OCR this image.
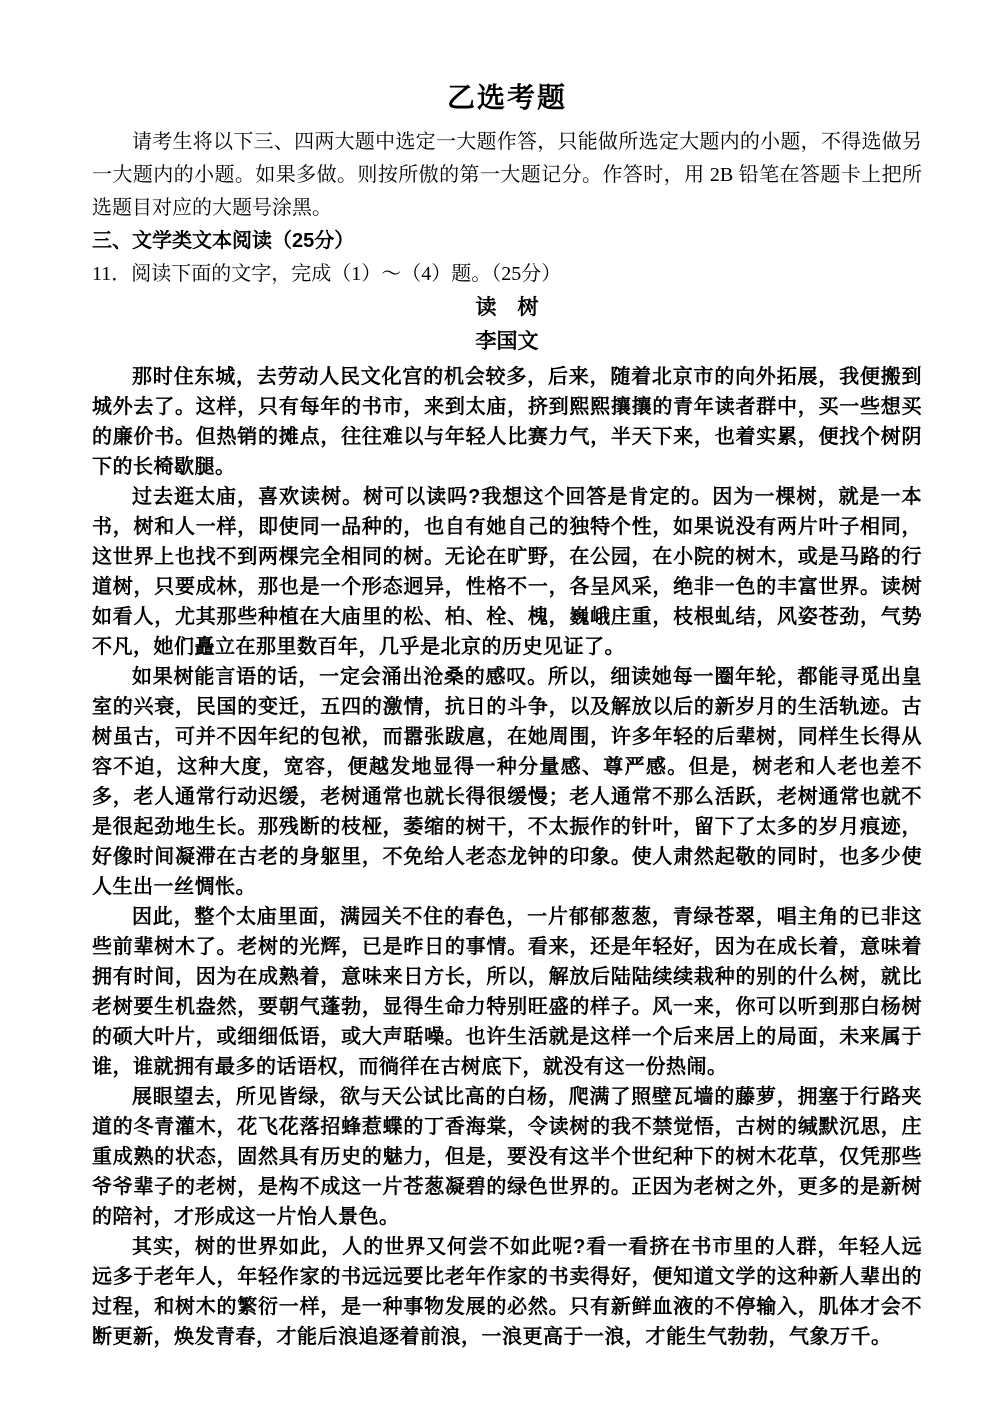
乙选考题

请考生将以下三、四两大题中选定一大题作答，只能做所选定大题内的小题，不得选做另一大题内的小题。如果多做。则按所傲的第一大题记分。作答时，用 2B 铅笔在答题卡上把所选题目对应的大题号涂黑。

三、文学类文本阅读（25分）

11．阅读下面的文字，完成（1）～（4）题。（25分）

读　树
李国文

那时住东城，去劳动人民文化宫的机会较多，后来，随着北京市的向外拓展，我便搬到城外去了。这样，只有每年的书市，来到太庙，挤到熙熙攘攘的青年读者群中，买一些想买的廉价书。但热销的摊点，往往难以与年轻人比赛力气，半天下来，也着实累，便找个树阴下的长椅歇腿。

过去逛太庙，喜欢读树。树可以读吗?我想这个回答是肯定的。因为一棵树，就是一本书，树和人一样，即使同一品种的，也自有她自己的独特个性，如果说没有两片叶子相同，这世界上也找不到两棵完全相同的树。无论在旷野，在公园，在小院的树木，或是马路的行道树，只要成林，那也是一个形态迥异，性格不一，各呈风采，绝非一色的丰富世界。读树如看人，尤其那些种植在大庙里的松、柏、栓、槐，巍峨庄重，枝根虬结，风姿苍劲，气势不凡，她们矗立在那里数百年，几乎是北京的历史见证了。

如果树能言语的话，一定会涌出沧桑的感叹。所以，细读她每一圈年轮，都能寻觅出皇室的兴衰，民国的变迁，五四的激情，抗日的斗争，以及解放以后的新岁月的生活轨迹。古树虽古，可并不因年纪的包袱，而嚣张跋扈，在她周围，许多年轻的后辈树，同样生长得从容不迫，这种大度，宽容，便越发地显得一种分量感、尊严感。但是，树老和人老也差不多，老人通常行动迟缓，老树通常也就长得很缓慢；老人通常不那么活跃，老树通常也就不是很起劲地生长。那残断的枝桠，萎缩的树干，不太振作的针叶，留下了太多的岁月痕迹，好像时间凝滞在古老的身躯里，不免给人老态龙钟的印象。使人肃然起敬的同时，也多少使人生出一丝惆怅。

因此，整个太庙里面，满园关不住的春色，一片郁郁葱葱，青绿苍翠，唱主角的已非这些前辈树木了。老树的光辉，已是昨日的事情。看来，还是年轻好，因为在成长着，意味着拥有时间，因为在成熟着，意味来日方长，所以，解放后陆陆续续栽种的别的什么树，就比老树要生机盎然，要朝气蓬勃，显得生命力特别旺盛的样子。风一来，你可以听到那白杨树的硕大叶片，或细细低语，或大声聒噪。也许生活就是这样一个后来居上的局面，未来属于谁，谁就拥有最多的话语权，而徜徉在古树底下，就没有这一份热闹。

展眼望去，所见皆绿，欲与天公试比高的白杨，爬满了照壁瓦墙的藤萝，拥塞于行路夹道的冬青灌木，花飞花落招蜂惹蝶的丁香海棠，令读树的我不禁觉悟，古树的缄默沉思，庄重成熟的状态，固然具有历史的魅力，但是，要没有这半个世纪种下的树木花草，仅凭那些爷爷辈子的老树，是构不成这一片苍葱凝碧的绿色世界的。正因为老树之外，更多的是新树的陪衬，才形成这一片怡人景色。

其实，树的世界如此，人的世界又何尝不如此呢?看一看挤在书市里的人群，年轻人远远多于老年人，年轻作家的书远远要比老年作家的书卖得好，便知道文学的这种新人辈出的过程，和树木的繁衍一样，是一种事物发展的必然。只有新鲜血液的不停输入，肌体才会不断更新，焕发青春，才能后浪追逐着前浪，一浪更高于一浪，才能生气勃勃，气象万千。
